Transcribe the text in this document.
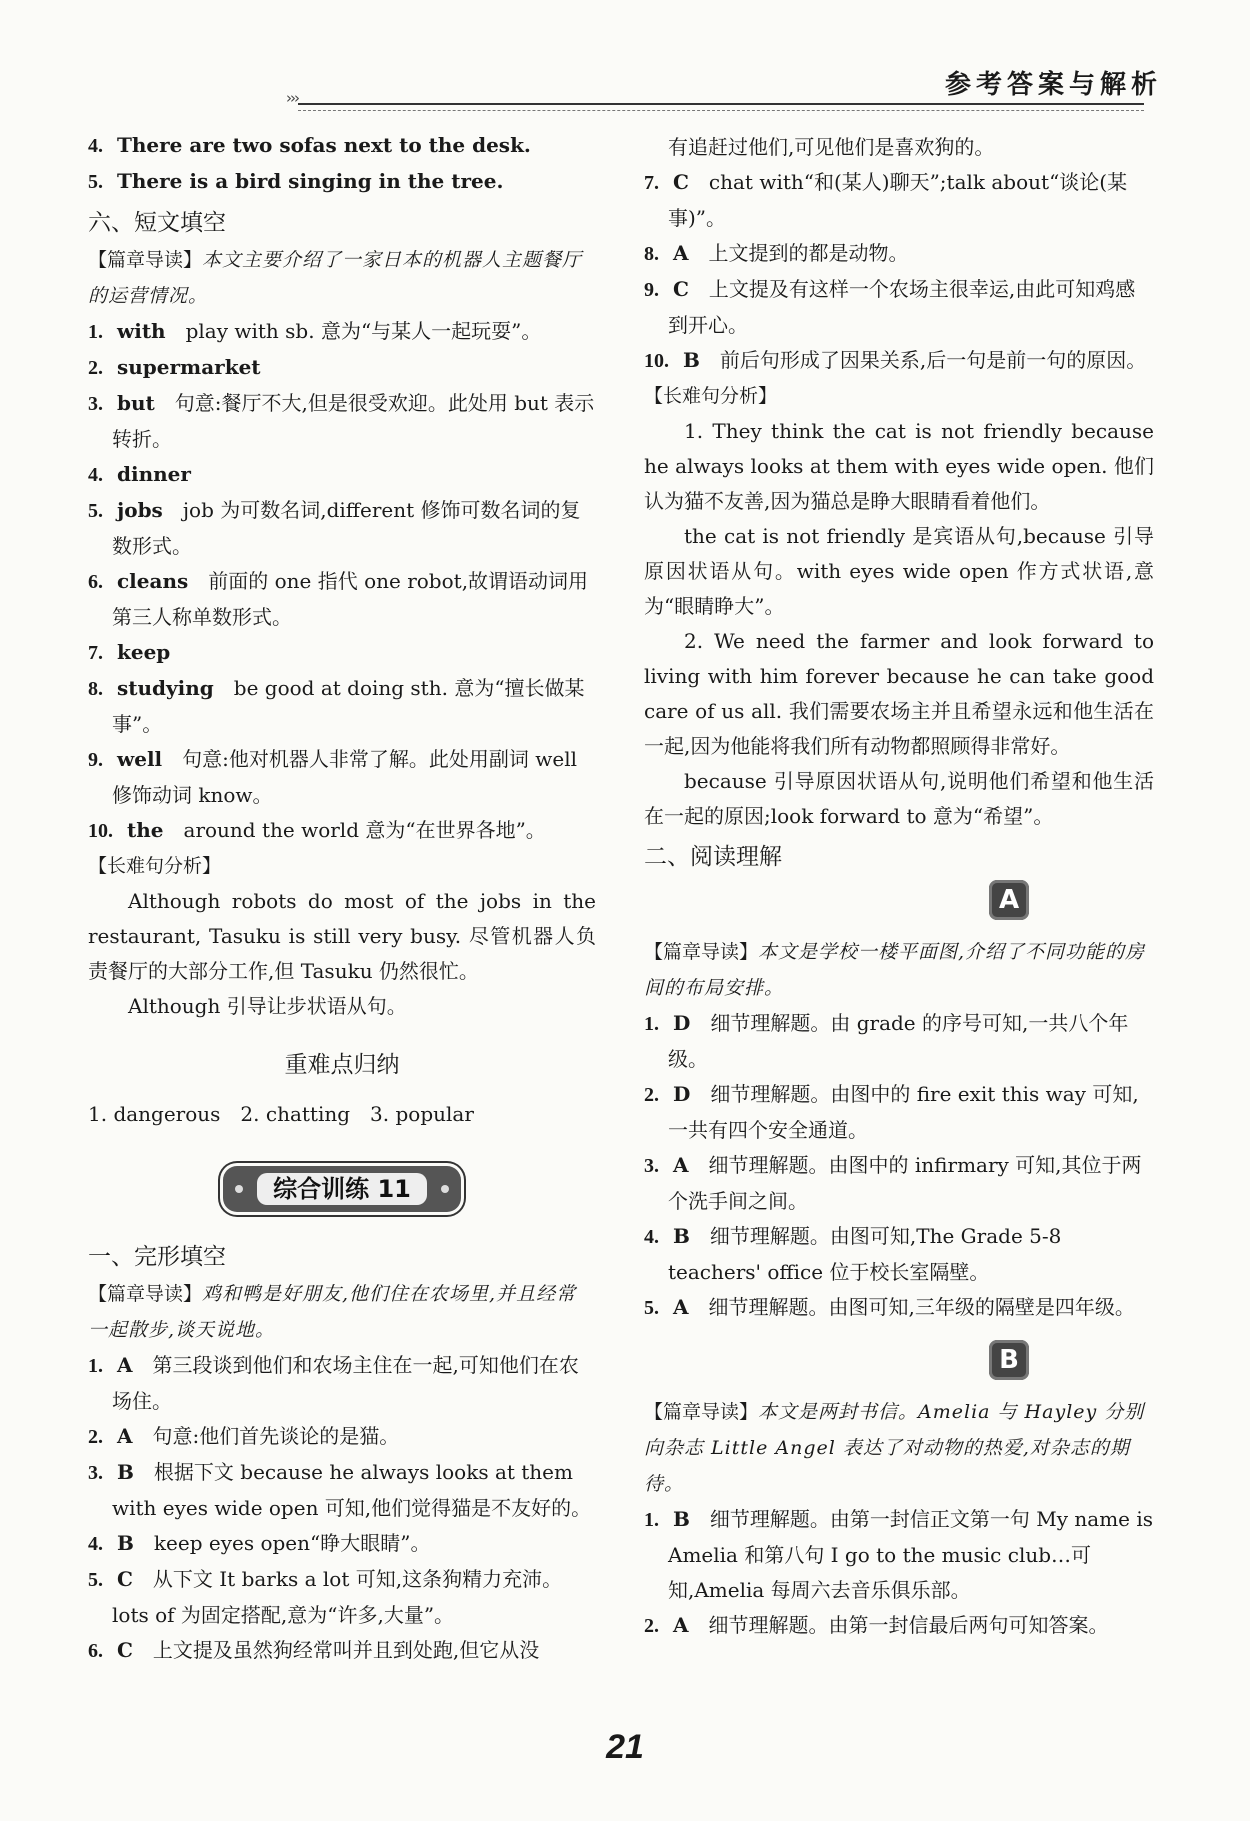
参考答案与解析
›››

4. There are two sofas next to the desk.

5. There is a bird singing in the tree.

六、短文填空

【篇章导读】本文主要介绍了一家日本的机器人主题餐厅的运营情况。

1. with　 play with sb. 意为“与某人一起玩耍”。

2. supermarket

3. but　 句意:餐厅不大,但是很受欢迎。此处用 but 表示转折。

4. dinner

5. jobs　 job 为可数名词,different 修饰可数名词的复数形式。

6. cleans　 前面的 one 指代 one robot,故谓语动词用第三人称单数形式。

7. keep

8. studying　 be good at doing sth. 意为“擅长做某事”。

9. well　 句意:他对机器人非常了解。此处用副词 well 修饰动词 know。

10. the　 around the world 意为“在世界各地”。

【长难句分析】

Although robots do most of the jobs in the restaurant, Tasuku is still very busy. 尽管机器人负责餐厅的大部分工作,但 Tasuku 仍然很忙。

Although 引导让步状语从句。

重难点归纳

1. dangerous　2. chatting　3. popular

综合训练 11
一、完形填空

【篇章导读】鸡和鸭是好朋友,他们住在农场里,并且经常一起散步,谈天说地。

1. A　 第三段谈到他们和农场主住在一起,可知他们在农场住。

2. A　 句意:他们首先谈论的是猫。

3. B　 根据下文 because he always looks at them with eyes wide open 可知,他们觉得猫是不友好的。

4. B　 keep eyes open“睁大眼睛”。

5. C　 从下文 It barks a lot 可知,这条狗精力充沛。lots of 为固定搭配,意为“许多,大量”。

6. C　 上文提及虽然狗经常叫并且到处跑,但它从没

有追赶过他们,可见他们是喜欢狗的。

7. C　 chat with“和(某人)聊天”;talk about“谈论(某事)”。

8. A　 上文提到的都是动物。

9. C　 上文提及有这样一个农场主很幸运,由此可知鸡感到开心。

10. B　 前后句形成了因果关系,后一句是前一句的原因。

【长难句分析】

1. They think the cat is not friendly because he always looks at them with eyes wide open. 他们认为猫不友善,因为猫总是睁大眼睛看着他们。

the cat is not friendly 是宾语从句,because 引导原因状语从句。with eyes wide open 作方式状语,意为“眼睛睁大”。

2. We need the farmer and look forward to living with him forever because he can take good care of us all. 我们需要农场主并且希望永远和他生活在一起,因为他能将我们所有动物都照顾得非常好。

because 引导原因状语从句,说明他们希望和他生活在一起的原因;look forward to 意为“希望”。

二、阅读理解
A

【篇章导读】本文是学校一楼平面图,介绍了不同功能的房间的布局安排。

1. D　 细节理解题。由 grade 的序号可知,一共八个年级。

2. D　 细节理解题。由图中的 fire exit this way 可知,一共有四个安全通道。

3. A　 细节理解题。由图中的 infirmary 可知,其位于两个洗手间之间。

4. B　 细节理解题。由图可知,The Grade 5-8 teachers' office 位于校长室隔壁。

5. A　 细节理解题。由图可知,三年级的隔壁是四年级。

B

【篇章导读】本文是两封书信。Amelia 与 Hayley 分别向杂志 Little Angel 表达了对动物的热爱,对杂志的期待。

1. B　 细节理解题。由第一封信正文第一句 My name is Amelia 和第八句 I go to the music club…可知,Amelia 每周六去音乐俱乐部。

2. A　 细节理解题。由第一封信最后两句可知答案。

21
